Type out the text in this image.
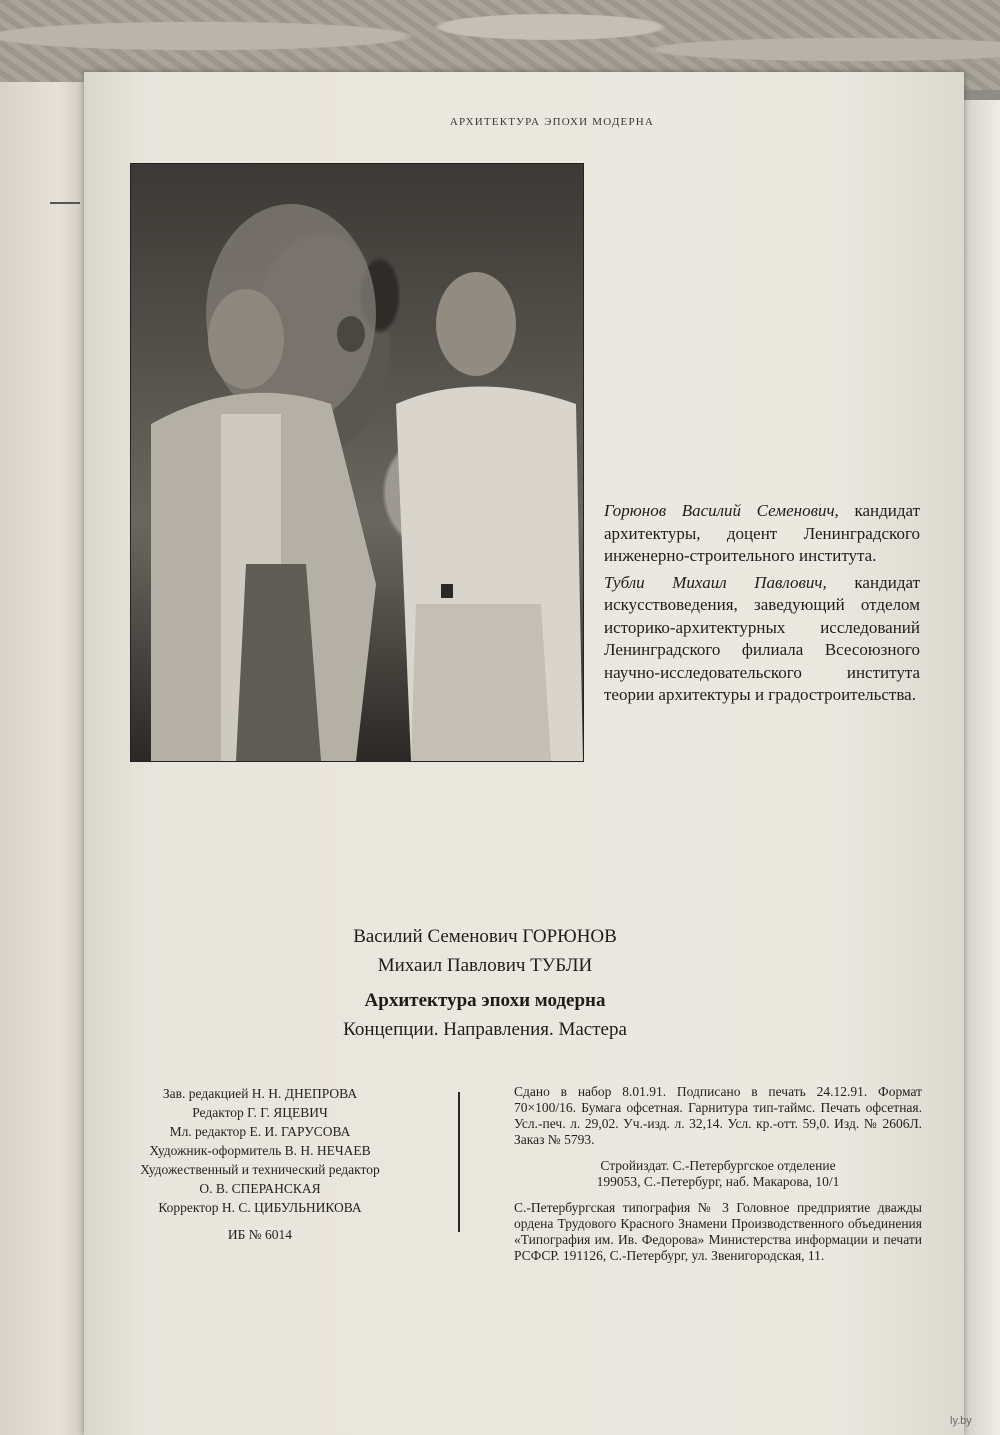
АРХИТЕКТУРА ЭПОХИ МОДЕРНА

Горюнов Василий Семенович, кандидат архитектуры, доцент Ленинградского инженерно-строительного института.

Тубли Михаил Павлович, кандидат искусствоведения, заведующий отделом историко-архитектурных исследований Ленинградского филиала Всесоюзного научно-исследовательского института теории архитектуры и градостроительства.

Василий Семенович ГОРЮНОВ
Михаил Павлович ТУБЛИ
Архитектура эпохи модерна
Концепции. Направления. Мастера
Зав. редакцией Н. Н. ДНЕПРОВА
Редактор Г. Г. ЯЦЕВИЧ
Мл. редактор Е. И. ГАРУСОВА
Художник-оформитель В. Н. НЕЧАЕВ
Художественный и технический редактор
О. В. СПЕРАНСКАЯ
Корректор Н. С. ЦИБУЛЬНИКОВА
ИБ № 6014

Сдано в набор 8.01.91. Подписано в печать 24.12.91. Формат 70×100/16. Бумага офсетная. Гарнитура тип-таймс. Печать офсетная. Усл.-печ. л. 29,02. Уч.-изд. л. 32,14. Усл. кр.-отт. 59,0. Изд. № 2606Л. Заказ № 5793.

Стройиздат. С.-Петербургское отделение
199053, С.-Петербург, наб. Макарова, 10/1

С.-Петербургская типография № 3 Головное предприятие дважды ордена Трудового Красного Знамени Производственного объединения «Типография им. Ив. Федорова» Министерства информации и печати РСФСР. 191126, С.-Петербург, ул. Звенигородская, 11.

ly.by
